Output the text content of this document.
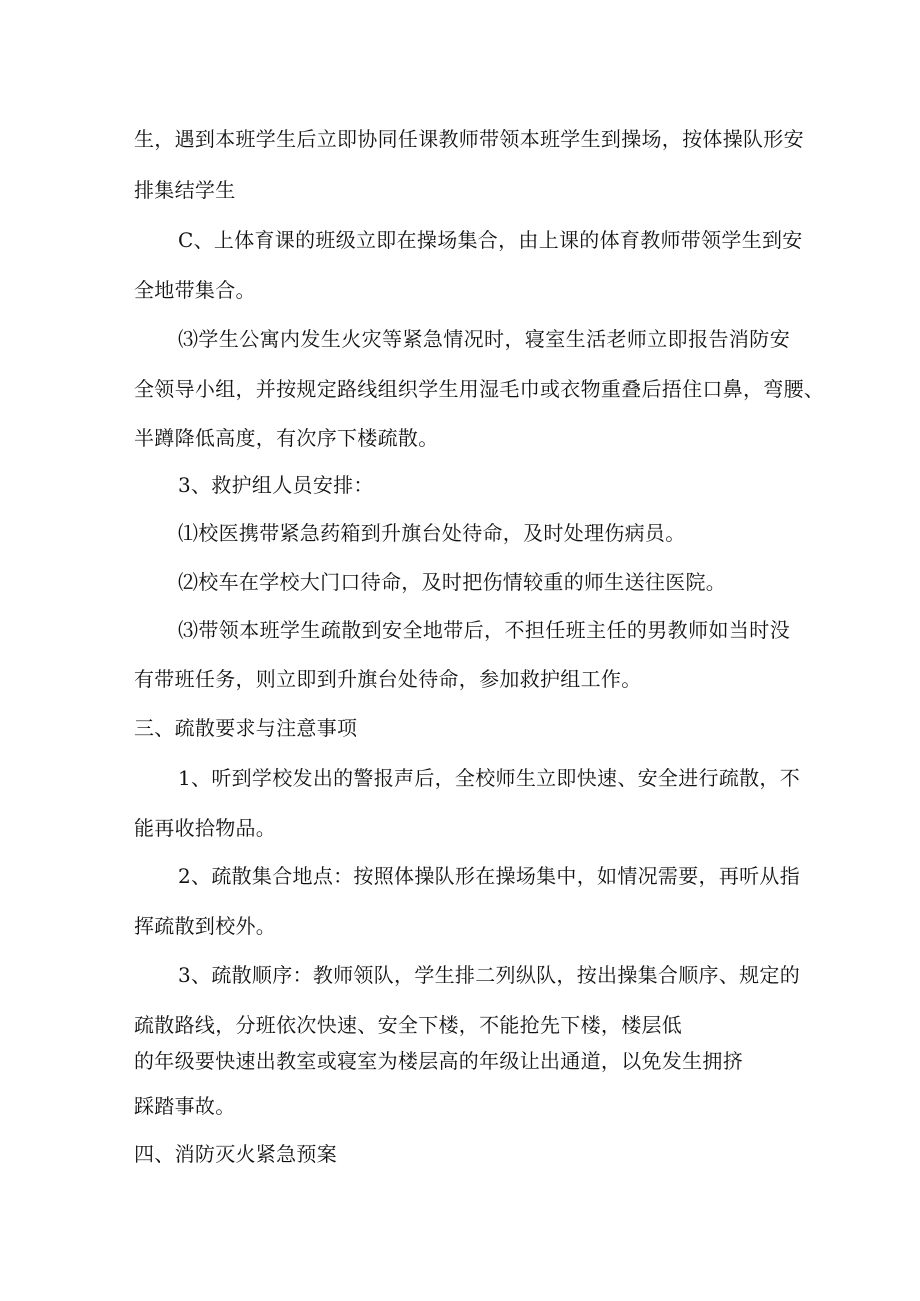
生，遇到本班学生后立即协同任课教师带领本班学生到操场，按体操队形安

排集结学生

C、上体育课的班级立即在操场集合，由上课的体育教师带领学生到安

全地带集合。

⑶学生公寓内发生火灾等紧急情况时，寝室生活老师立即报告消防安

全领导小组，并按规定路线组织学生用湿毛巾或衣物重叠后捂住口鼻，弯腰、

半蹲降低高度，有次序下楼疏散。

3、救护组人员安排：

⑴校医携带紧急药箱到升旗台处待命，及时处理伤病员。

⑵校车在学校大门口待命，及时把伤情较重的师生送往医院。

⑶带领本班学生疏散到安全地带后，不担任班主任的男教师如当时没

有带班任务，则立即到升旗台处待命，参加救护组工作。

三、疏散要求与注意事项

1、听到学校发出的警报声后，全校师生立即快速、安全进行疏散，不

能再收拾物品。

2、疏散集合地点：按照体操队形在操场集中，如情况需要，再听从指

挥疏散到校外。

3、疏散顺序：教师领队，学生排二列纵队，按出操集合顺序、规定的

疏散路线，分班依次快速、安全下楼，不能抢先下楼，楼层低

的年级要快速出教室或寝室为楼层高的年级让出通道，以免发生拥挤

踩踏事故。

四、消防灭火紧急预案
